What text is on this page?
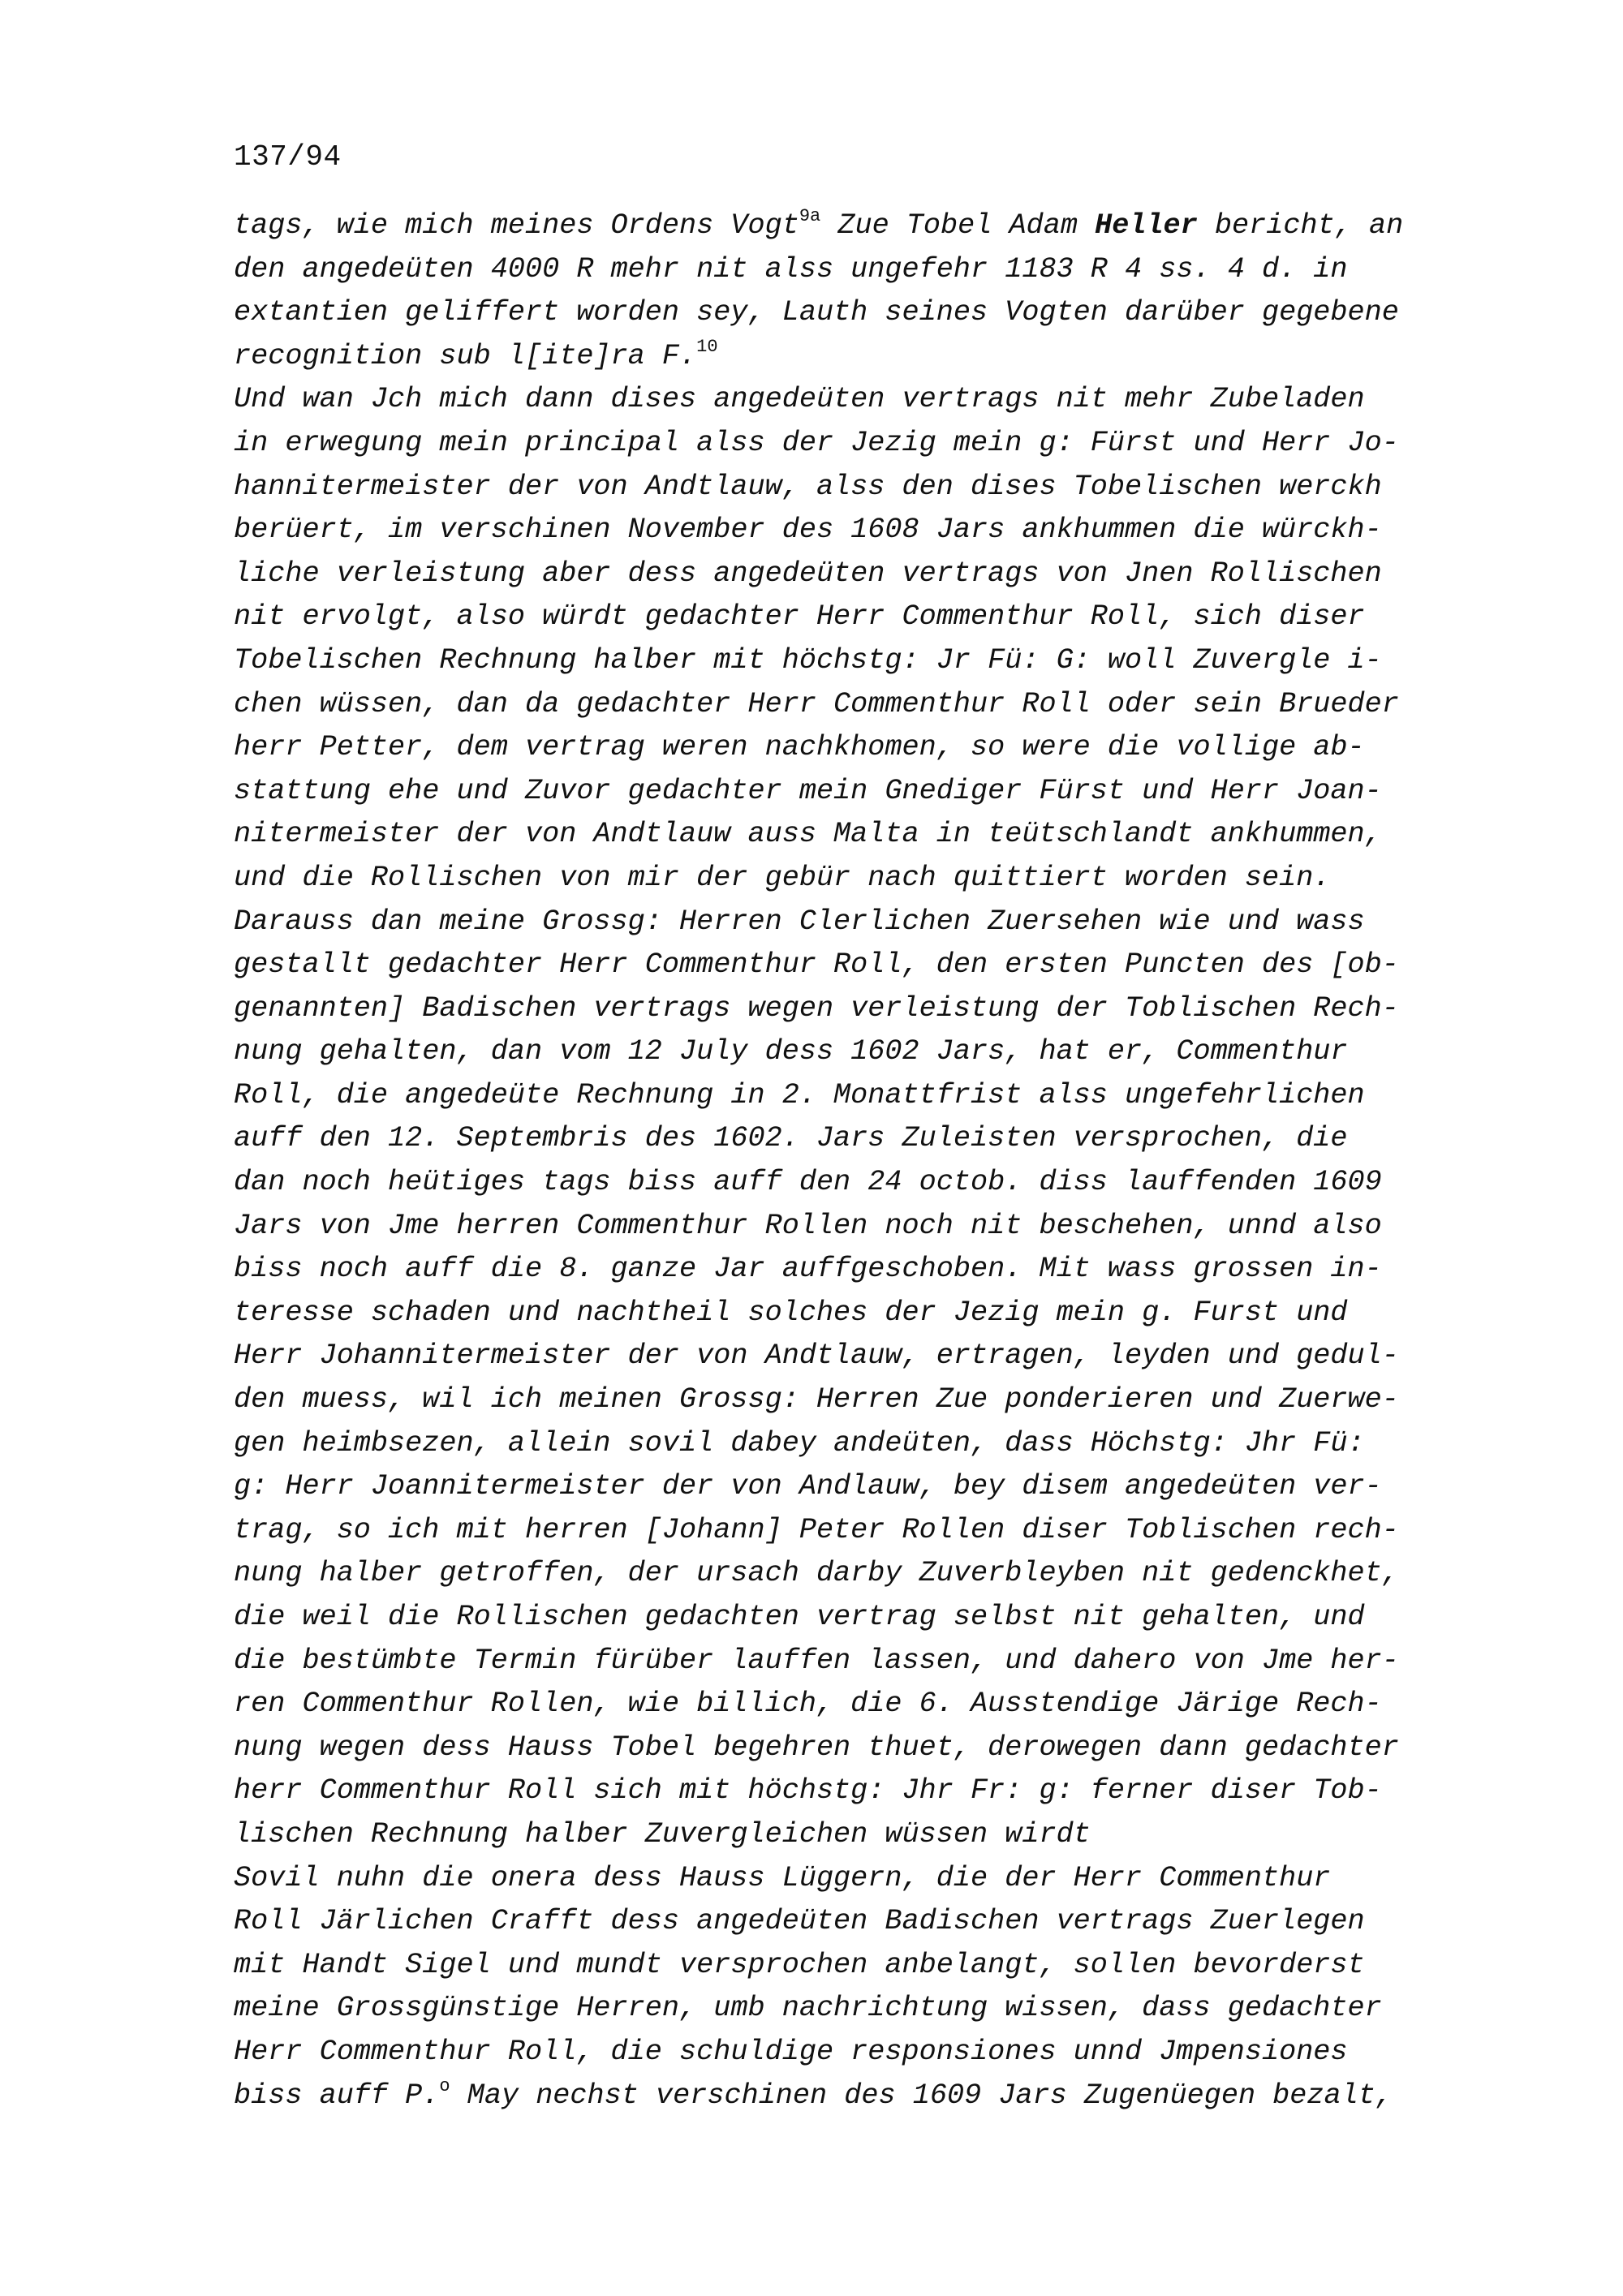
137/94
tags, wie mich meines Ordens Vogt$^{9a}$ Zue Tobel Adam Heller bericht, an
den angedeüten 4000 R mehr nit alss ungefehr 1183 R 4 ss. 4 d. in
extantien geliffert worden sey, Lauth seines Vogten darüber gegebene
recognition sub l[ite]ra F.$^{10}$
Und wan Jch mich dann dises angedeüten vertrags nit mehr Zubeladen
in erwegung mein principal alss der Jezig mein g: Fürst und Herr Jo-
hannitermeister der von Andtlauw, alss den dises Tobelischen werckh
berüert, im verschinen November des 1608 Jars ankhummen die würckh-
liche verleistung aber dess angedeüten vertrags von Jnen Rollischen
nit ervolgt, also würdt gedachter Herr Commenthur Roll, sich diser
Tobelischen Rechnung halber mit höchstg: Jr Fü: G: woll Zuvergle i-
chen wüssen, dan da gedachter Herr Commenthur Roll oder sein Brueder
herr Petter, dem vertrag weren nachkhomen, so were die vollige ab-
stattung ehe und Zuvor gedachter mein Gnediger Fürst und Herr Joan-
nitermeister der von Andtlauw auss Malta in teütschlandt ankhummen,
und die Rollischen von mir der gebür nach quittiert worden sein.
Darauss dan meine Grossg: Herren Clerlichen Zuersehen wie und wass
gestallt gedachter Herr Commenthur Roll, den ersten Puncten des [ob-
genannten] Badischen vertrags wegen verleistung der Toblischen Rech-
nung gehalten, dan vom 12 July dess 1602 Jars, hat er, Commenthur
Roll, die angedeüte Rechnung in 2. Monattfrist alss ungefehrlichen
auff den 12. Septembris des 1602. Jars Zuleisten versprochen, die
dan noch heütiges tags biss auff den 24 octob. diss lauffenden 1609
Jars von Jme herren Commenthur Rollen noch nit beschehen, unnd also
biss noch auff die 8. ganze Jar auffgeschoben. Mit wass grossen in-
teresse schaden und nachtheil solches der Jezig mein g. Furst und
Herr Johannitermeister der von Andtlauw, ertragen, leyden und gedul-
den muess, wil ich meinen Grossg: Herren Zue ponderieren und Zuerwe-
gen heimbsezen, allein sovil dabey andeüten, dass Höchstg: Jhr Fü:
g: Herr Joannitermeister der von Andlauw, bey disem angedeüten ver-
trag, so ich mit herren [Johann] Peter Rollen diser Toblischen rech-
nung halber getroffen, der ursach darby Zuverbleyben nit gedenckhet,
die weil die Rollischen gedachten vertrag selbst nit gehalten, und
die bestümbte Termin fürüber lauffen lassen, und dahero von Jme her-
ren Commenthur Rollen, wie billich, die 6. Ausstendige Järige Rech-
nung wegen dess Hauss Tobel begehren thuet, derowegen dann gedachter
herr Commenthur Roll sich mit höchstg: Jhr Fr: g: ferner diser Tob-
lischen Rechnung halber Zuvergleichen wüssen wirdt
Sovil nuhn die onera dess Hauss Lüggern, die der Herr Commenthur
Roll Järlichen Crafft dess angedeüten Badischen vertrags Zuerlegen
mit Handt Sigel und mundt versprochen anbelangt, sollen bevorderst
meine Grossgünstige Herren, umb nachrichtung wissen, dass gedachter
Herr Commenthur Roll, die schuldige responsiones unnd Jmpensiones
biss auff P.$^o$ May nechst verschinen des 1609 Jars Zugenüegen bezalt,
